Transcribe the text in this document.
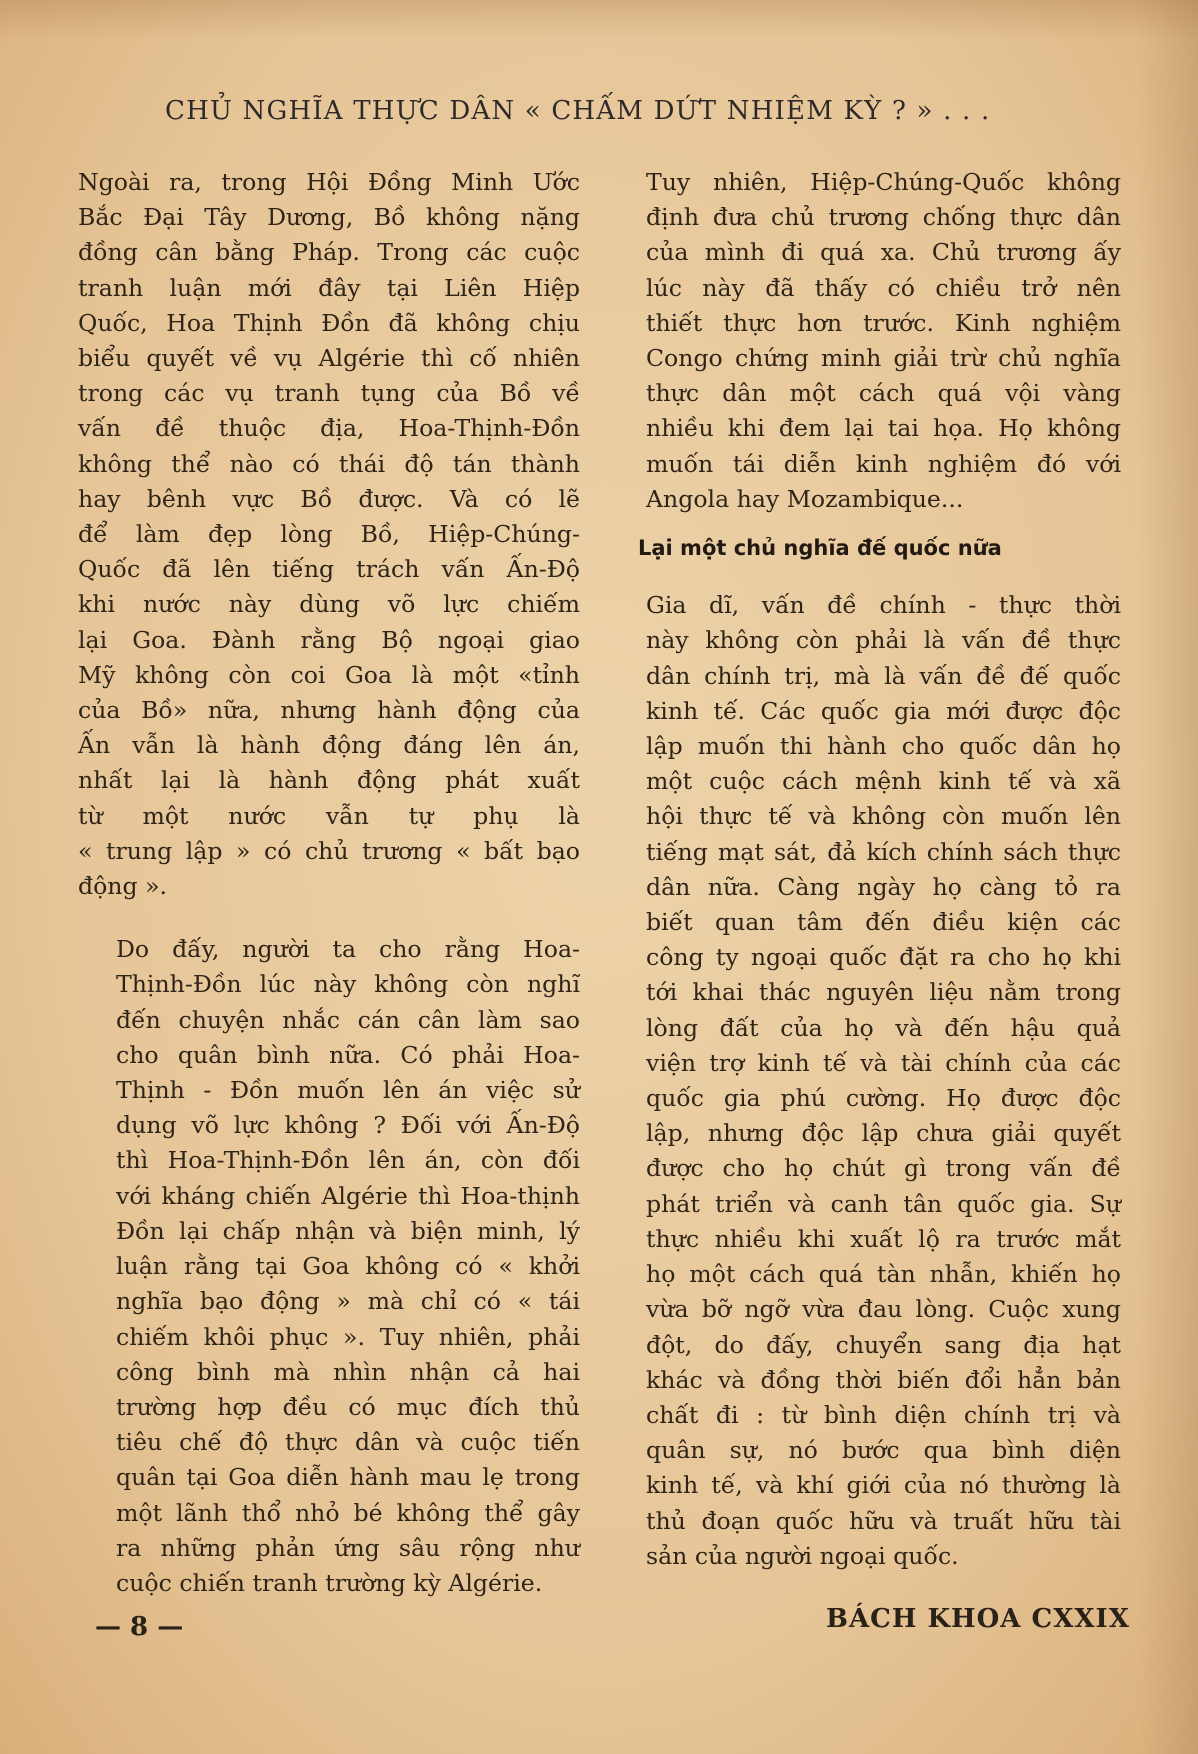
CHỦ NGHĨA THỰC DÂN « CHẤM DỨT NHIỆM KỲ ? » . . .

Ngoài ra, trong Hội Đồng Minh Ước
Bắc Đại Tây Dương, Bồ không nặng
đồng cân bằng Pháp. Trong các cuộc
tranh luận mới đây tại Liên Hiệp
Quốc, Hoa Thịnh Đồn đã không chịu
biểu quyết về vụ Algérie thì cố nhiên
trong các vụ tranh tụng của Bồ về
vấn đề thuộc địa, Hoa-Thịnh-Đồn
không thể nào có thái độ tán thành
hay bênh vực Bồ được. Và có lẽ
để làm đẹp lòng Bồ, Hiệp-Chúng-
Quốc đã lên tiếng trách vấn Ấn-Độ
khi nước này dùng võ lực chiếm
lại Goa. Đành rằng Bộ ngoại giao
Mỹ không còn coi Goa là một «tỉnh
của Bồ» nữa, nhưng hành động của
Ấn vẫn là hành động đáng lên án,
nhất lại là hành động phát xuất
từ một nước vẫn tự phụ là
« trung lập » có chủ trương « bất bạo
động ».

Do đấy, người ta cho rằng Hoa-
Thịnh-Đồn lúc này không còn nghĩ
đến chuyện nhắc cán cân làm sao
cho quân bình nữa. Có phải Hoa-
Thịnh - Đồn muốn lên án việc sử
dụng võ lực không ? Đối với Ấn-Độ
thì Hoa-Thịnh-Đồn lên án, còn đối
với kháng chiến Algérie thì Hoa-thịnh
Đồn lại chấp nhận và biện minh, lý
luận rằng tại Goa không có « khởi
nghĩa bạo động » mà chỉ có « tái
chiếm khôi phục ». Tuy nhiên, phải
công bình mà nhìn nhận cả hai
trường hợp đều có mục đích thủ
tiêu chế độ thực dân và cuộc tiến
quân tại Goa diễn hành mau lẹ trong
một lãnh thổ nhỏ bé không thể gây
ra những phản ứng sâu rộng như
cuộc chiến tranh trường kỳ Algérie.

Tuy nhiên, Hiệp-Chúng-Quốc không
định đưa chủ trương chống thực dân
của mình đi quá xa. Chủ trương ấy
lúc này đã thấy có chiều trở nên
thiết thực hơn trước. Kinh nghiệm
Congo chứng minh giải trừ chủ nghĩa
thực dân một cách quá vội vàng
nhiều khi đem lại tai họa. Họ không
muốn tái diễn kinh nghiệm đó với
Angola hay Mozambique...

Lại một chủ nghĩa đế quốc nữa

Gia dĩ, vấn đề chính - thực thời
này không còn phải là vấn đề thực
dân chính trị, mà là vấn đề đế quốc
kinh tế. Các quốc gia mới được độc
lập muốn thi hành cho quốc dân họ
một cuộc cách mệnh kinh tế và xã
hội thực tế và không còn muốn lên
tiếng mạt sát, đả kích chính sách thực
dân nữa. Càng ngày họ càng tỏ ra
biết quan tâm đến điều kiện các
công ty ngoại quốc đặt ra cho họ khi
tới khai thác nguyên liệu nằm trong
lòng đất của họ và đến hậu quả
viện trợ kinh tế và tài chính của các
quốc gia phú cường. Họ được độc
lập, nhưng độc lập chưa giải quyết
được cho họ chút gì trong vấn đề
phát triển và canh tân quốc gia. Sự
thực nhiều khi xuất lộ ra trước mắt
họ một cách quá tàn nhẫn, khiến họ
vừa bỡ ngỡ vừa đau lòng. Cuộc xung
đột, do đấy, chuyển sang địa hạt
khác và đồng thời biến đổi hẳn bản
chất đi : từ bình diện chính trị và
quân sự, nó bước qua bình diện
kinh tế, và khí giới của nó thường là
thủ đoạn quốc hữu và truất hữu tài
sản của người ngoại quốc.

— 8 —	BÁCH KHOA CXXIX
